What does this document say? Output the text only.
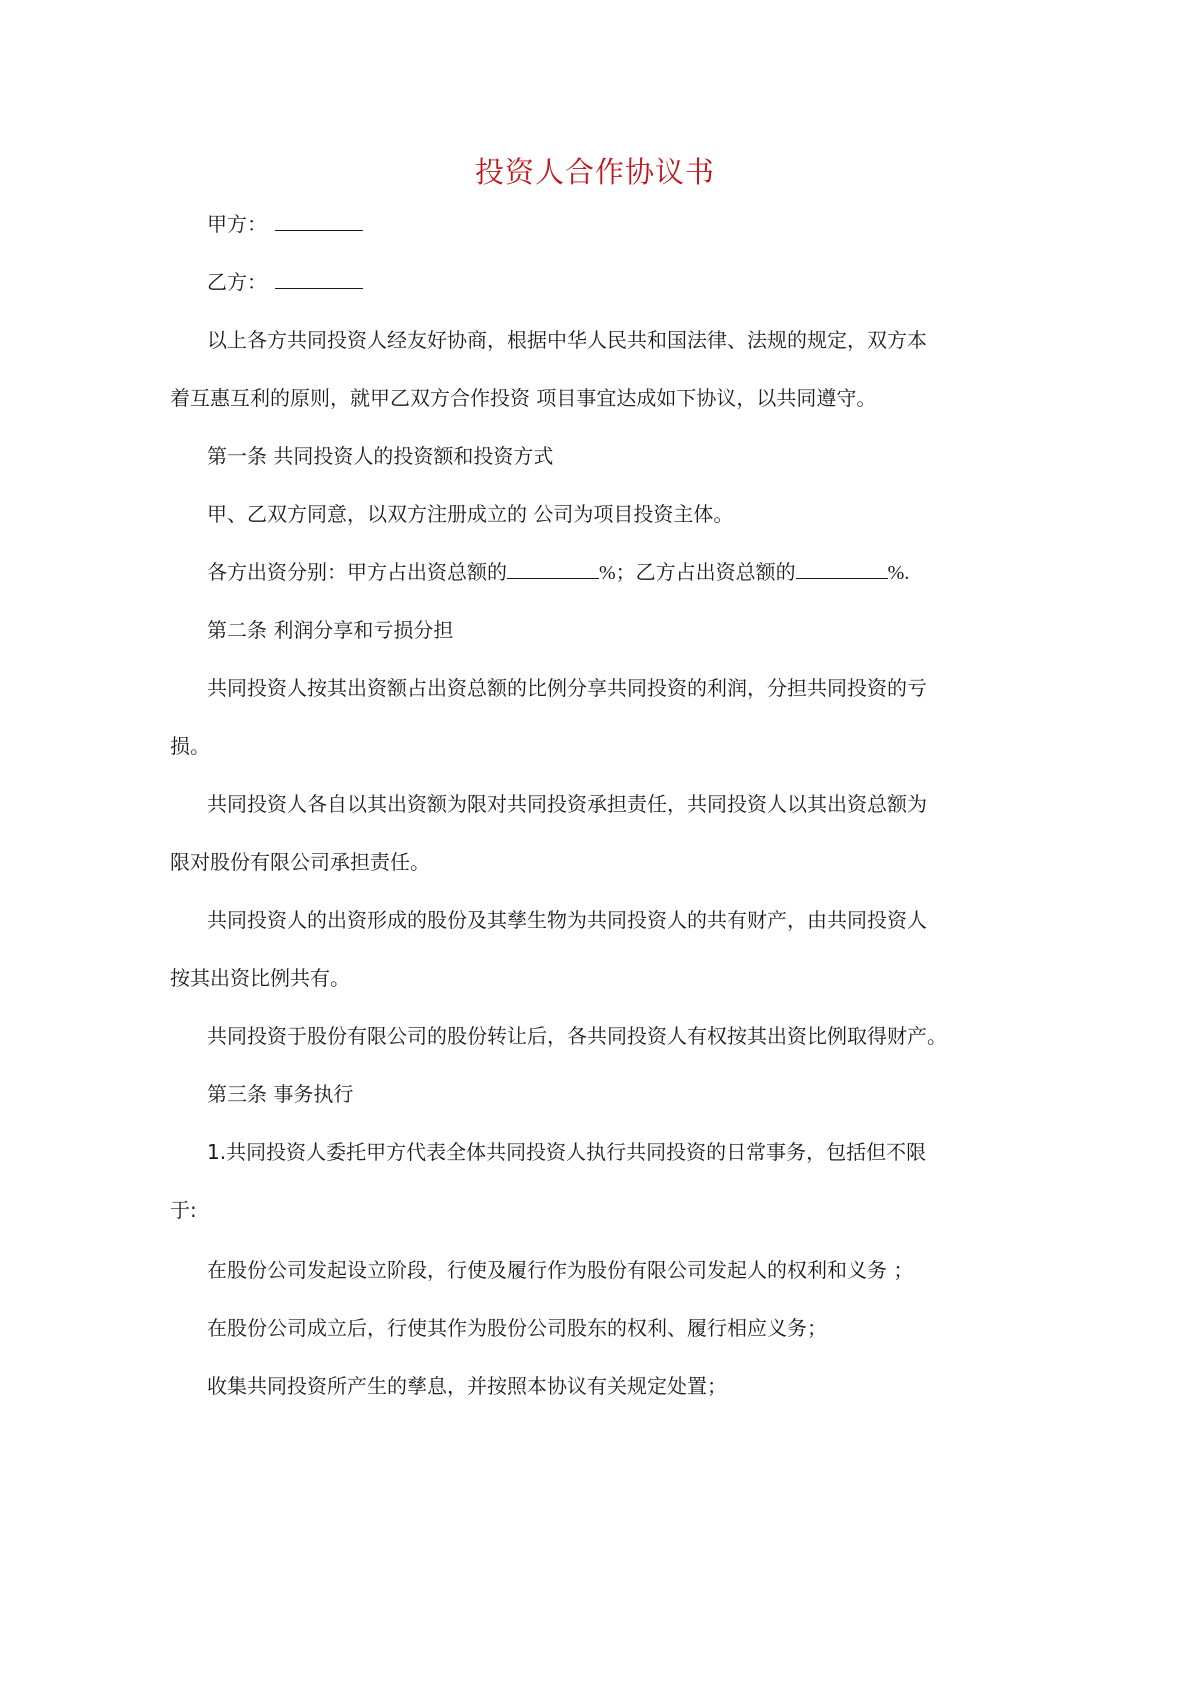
投资人合作协议书

甲方：

乙方：

以上各方共同投资人经友好协商，根据中华人民共和国法律、法规的规定，双方本

着互惠互利的原则，就甲乙双方合作投资 项目事宜达成如下协议，以共同遵守。

第一条 共同投资人的投资额和投资方式

甲、乙双方同意，以双方注册成立的 公司为项目投资主体。

各方出资分别：甲方占出资总额的	%；乙方占出资总额的	%.

第二条 利润分享和亏损分担

共同投资人按其出资额占出资总额的比例分享共同投资的利润，分担共同投资的亏

损。

共同投资人各自以其出资额为限对共同投资承担责任，共同投资人以其出资总额为

限对股份有限公司承担责任。

共同投资人的出资形成的股份及其孳生物为共同投资人的共有财产，由共同投资人

按其出资比例共有。

共同投资于股份有限公司的股份转让后，各共同投资人有权按其出资比例取得财产。

第三条 事务执行

1.共同投资人委托甲方代表全体共同投资人执行共同投资的日常事务，包括但不限

于:

在股份公司发起设立阶段，行使及履行作为股份有限公司发起人的权利和义务 ；

在股份公司成立后，行使其作为股份公司股东的权利、履行相应义务；

收集共同投资所产生的孳息，并按照本协议有关规定处置；
